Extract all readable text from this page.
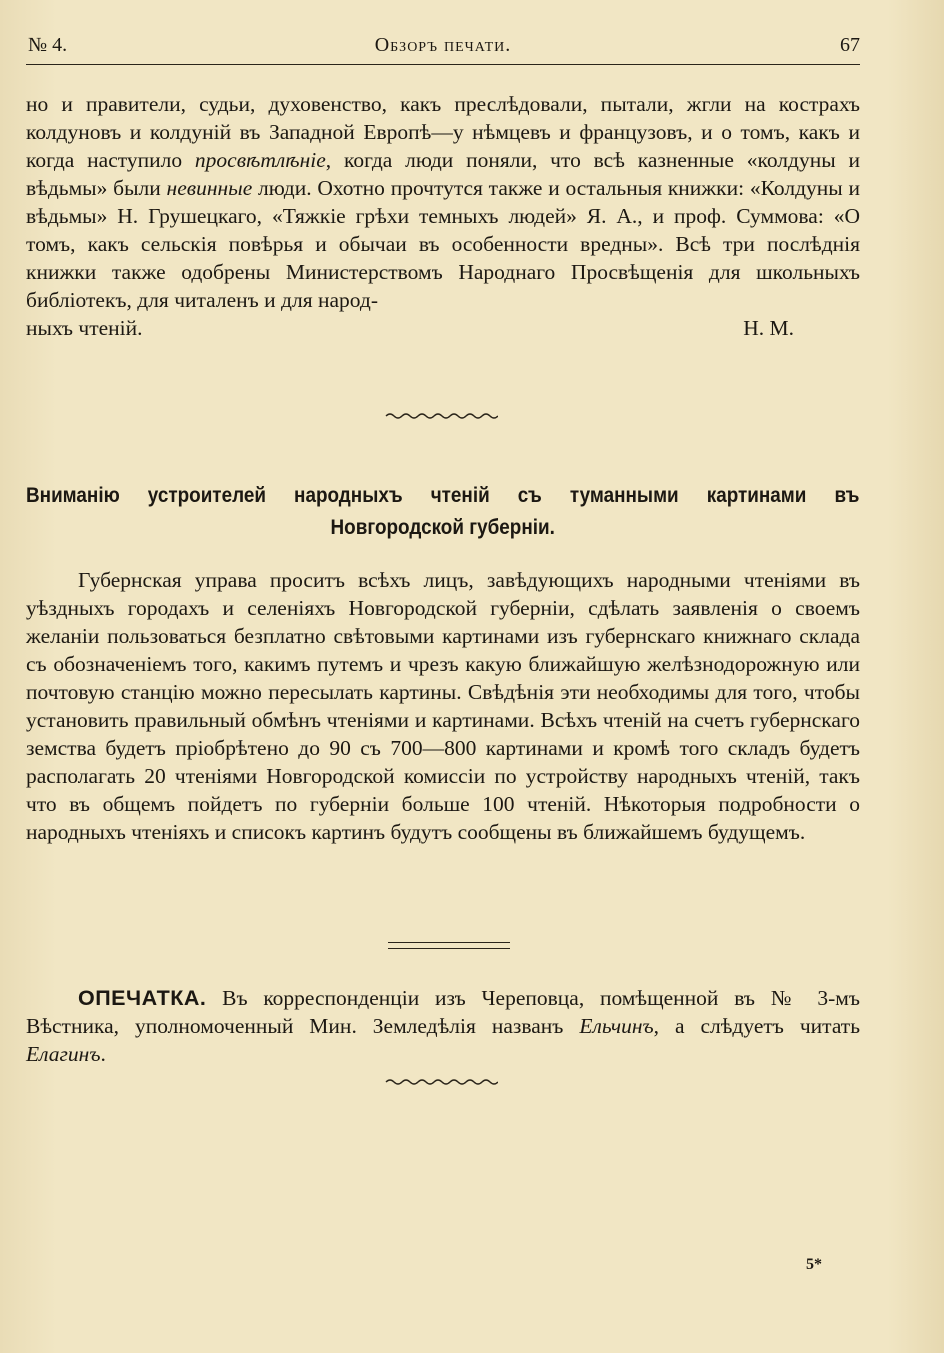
№ 4.	Обзоръ печати.	67

но и правители, судьи, духовенство, какъ преслѣдовали, пытали, жгли на кострахъ колдуновъ и колдуній въ Западной Европѣ—у нѣмцевъ и французовъ, и о томъ, какъ и когда наступило просвѣтлѣніе, когда люди поняли, что всѣ казненные «колдуны и вѣдьмы» были невинные люди. Охотно прочтутся также и остальныя книжки: «Колдуны и вѣдьмы» Н. Грушецкаго, «Тяжкіе грѣхи темныхъ людей» Я. А., и проф. Суммова: «О томъ, какъ сельскія повѣрья и обычаи въ особенности вредны». Всѣ три послѣднія книжки также одобрены Министерствомъ Народнаго Просвѣщенія для школьныхъ библіотекъ, для читаленъ и для народ-

ныхъ чтеній.	Н. М.
Вниманію устроителей народныхъ чтеній съ туманными картинами въ
Новгородской губерніи.

Губернская управа проситъ всѣхъ лицъ, завѣдующихъ народными чтеніями въ уѣздныхъ городахъ и селеніяхъ Новгородской губерніи, сдѣлать заявленія о своемъ желаніи пользоваться безплатно свѣтовыми картинами изъ губернскаго книжнаго склада съ обозначеніемъ того, какимъ путемъ и чрезъ какую ближайшую желѣзнодорожную или почтовую станцію можно пересылать картины. Свѣдѣнія эти необходимы для того, чтобы установить правильный обмѣнъ чтеніями и картинами. Всѣхъ чтеній на счетъ губернскаго земства будетъ пріобрѣтено до 90 съ 700—800 картинами и кромѣ того складъ будетъ располагать 20 чтеніями Новгородской комиссіи по устройству народныхъ чтеній, такъ что въ общемъ пойдетъ по губерніи больше 100 чтеній. Нѣкоторыя подробности о народныхъ чтеніяхъ и списокъ картинъ будутъ сообщены въ ближайшемъ будущемъ.

ОПЕЧАТКА. Въ корреспонденціи изъ Череповца, помѣщенной въ № 3-мъ Вѣстника, уполномоченный Мин. Земледѣлія названъ Ельчинъ, а слѣдуетъ читать Елагинъ.

5*
